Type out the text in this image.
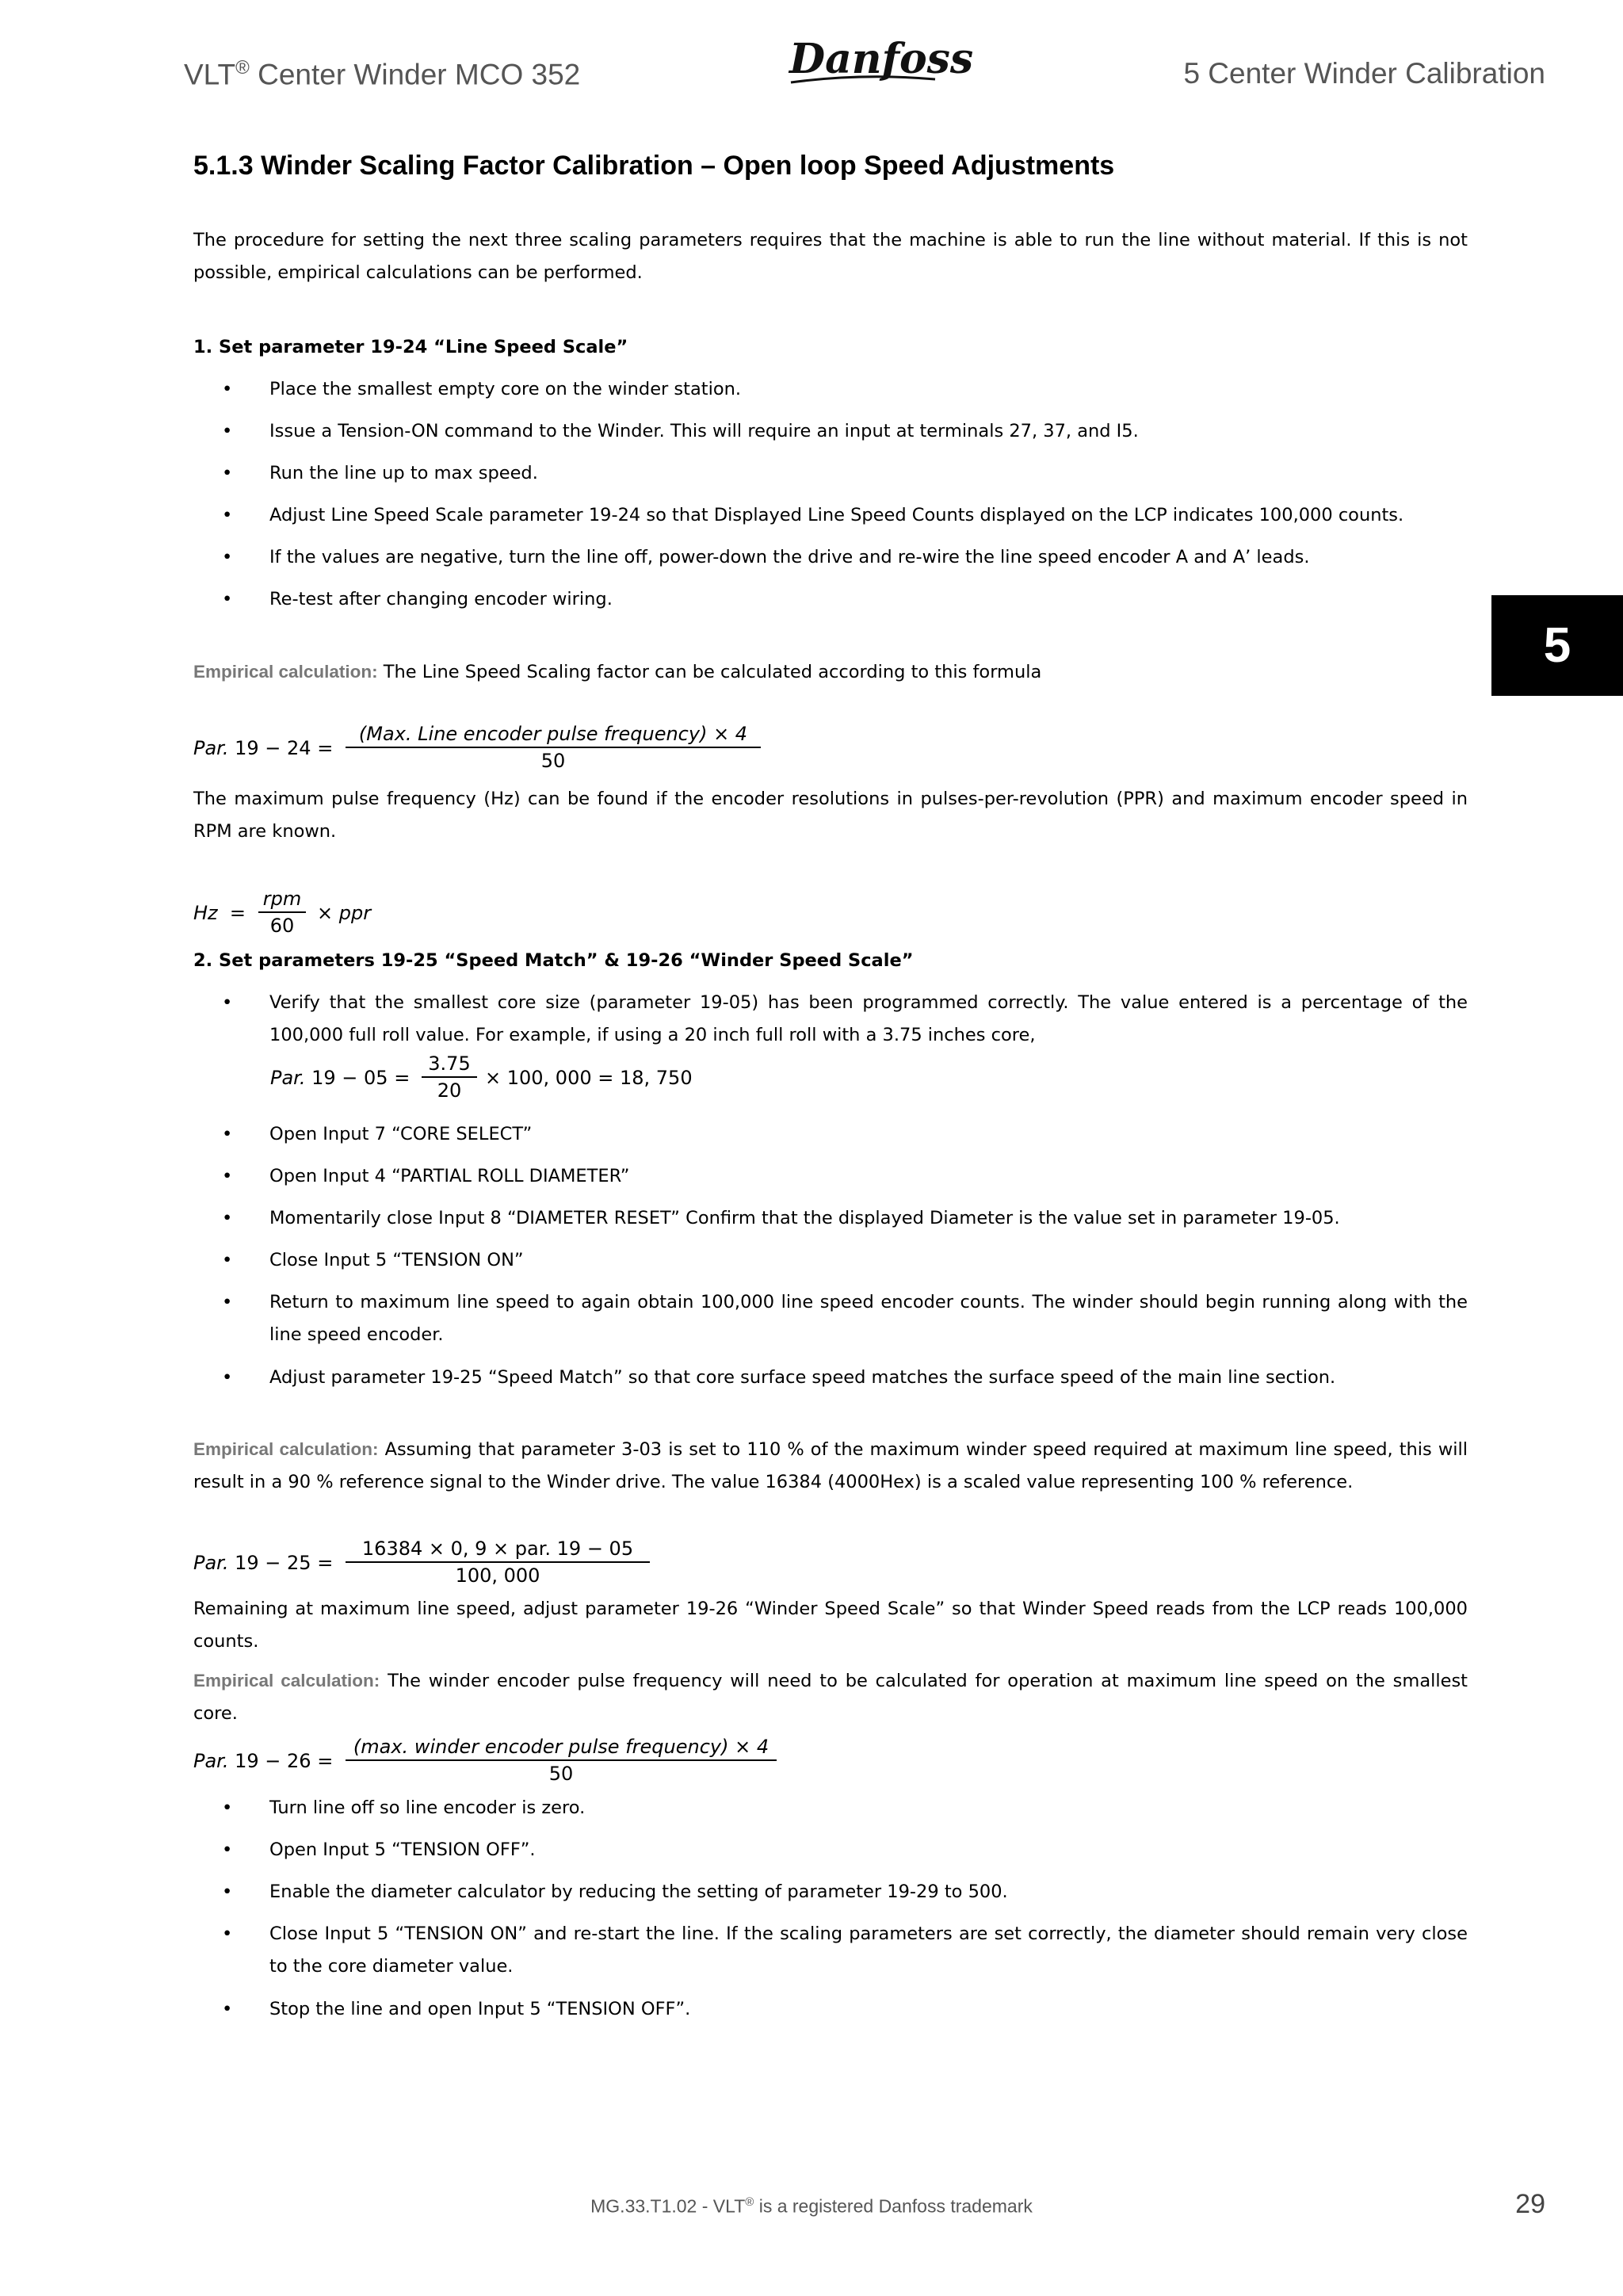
VLT® Center Winder MCO 352	Danfoss	5 Center Winder Calibration
5
5.1.3 Winder Scaling Factor Calibration – Open loop Speed Adjustments
The procedure for setting the next three scaling parameters requires that the machine is able to run the line without material. If this is not possible, empirical calculations can be performed.
1. Set parameter 19-24 “Line Speed Scale”
• Place the smallest empty core on the winder station.
• Issue a Tension-ON command to the Winder. This will require an input at terminals 27, 37, and I5.
• Run the line up to max speed.
• Adjust Line Speed Scale parameter 19-24 so that Displayed Line Speed Counts displayed on the LCP indicates 100,000 counts.
• If the values are negative, turn the line off, power-down the drive and re-wire the line speed encoder A and A’ leads.
• Re-test after changing encoder wiring.
Empirical calculation: The Line Speed Scaling factor can be calculated according to this formula
Par. 19 − 24 =
(Max. Line encoder pulse frequency) × 4
50
The maximum pulse frequency (Hz) can be found if the encoder resolutions in pulses-per-revolution (PPR) and maximum encoder speed in RPM are known.
Hz =
rpm
60
× ppr
2. Set parameters 19-25 “Speed Match” & 19-26 “Winder Speed Scale”
• Verify that the smallest core size (parameter 19-05) has been programmed correctly. The value entered is a percentage of the 100,000 full roll value. For example, if using a 20 inch full roll with a 3.75 inches core,
Par. $19 - 05 = \frac{3.75}{20} \times 100$, 000 = 18, 750
• Open Input 7 “CORE SELECT”
• Open Input 4 “PARTIAL ROLL DIAMETER”
• Momentarily close Input 8 “DIAMETER RESET” Confirm that the displayed Diameter is the value set in parameter 19-05.
• Close Input 5 “TENSION ON”
• Return to maximum line speed to again obtain 100,000 line speed encoder counts. The winder should begin running along with the line speed encoder.
• Adjust parameter 19-25 “Speed Match” so that core surface speed matches the surface speed of the main line section.
Empirical calculation: Assuming that parameter 3-03 is set to 110 % of the maximum winder speed required at maximum line speed, this will result in a 90 % reference signal to the Winder drive. The value 16384 (4000Hex) is a scaled value representing 100 % reference.
Par. 19 − 25 =
16384 × 0, 9 × par. 19 − 05
100, 000
Remaining at maximum line speed, adjust parameter 19-26 “Winder Speed Scale” so that Winder Speed reads from the LCP reads 100,000 counts.
Empirical calculation: The winder encoder pulse frequency will need to be calculated for operation at maximum line speed on the smallest core.
Par. 19 − 26 =
(max. winder encoder pulse frequency) × 4
50
• Turn line off so line encoder is zero.
• Open Input 5 “TENSION OFF”.
• Enable the diameter calculator by reducing the setting of parameter 19-29 to 500.
• Close Input 5 “TENSION ON” and re-start the line. If the scaling parameters are set correctly, the diameter should remain very close to the core diameter value.
• Stop the line and open Input 5 “TENSION OFF”.
MG.33.T1.02 - VLT® is a registered Danfoss trademark	29
